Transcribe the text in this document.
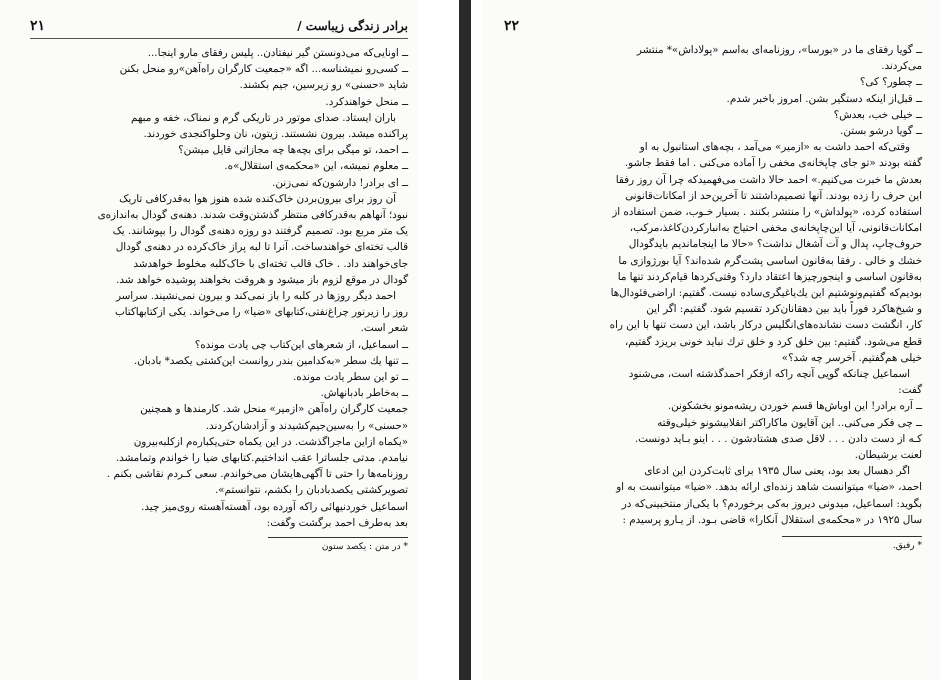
برادر زندگی زیباست /
۲۱

ــ اونایی‌که می‌دونستن گیر نیفتادن.. پلیس رفقای مارو اینجا...

ــ کسی‌رو نمیشناسه... اگه «جمعیت کارگران راه‌آهن»رو منحل بکنن

شاید «حسنی» رو زیرسین، جیم بکشند.

ــ منحل خواهندکرد.

باران ایستاد. صدای موتور در تاریکی گرم و نمناک، خفه و مبهم

پراکنده میشد. بیرون نشستند. زیتون، نان وحلواکنجدی خوردند.

ــ احمد، تو میگی برای بچه‌ها چه مجازاتی قایل میشن؟

ــ معلوم نمیشه، این «محکمه‌ی استقلال»ه.

ــ ای برادر! دارشون‌که نمی‌زنن.

آن روز برای بیرون‌بردن خاک‌کنده شده هنوز هوا به‌قدرکافی تاریک

نبود؛ آنهاهم به‌قدرکافی منتظر گذشتن‌وقت شدند. دهنه‌ی گودال به‌اندازه‌ی

یک متر مربع بود. تصمیم گرفتند دو روزه دهنه‌ی گودال را بپوشانند. یک

قالب تخته‌ای خواهندساخت. آنرا تا لبه پراز خاک‌کرده در دهنه‌ی گودال

جای‌خواهند داد. . خاک قالب تخته‌ای با خاک‌کلبه مخلوط خواهدشد

گودال در موقع لزوم باز میشود و هروقت بخواهند پوشیده خواهد شد.

احمد دیگر روزها در کلبه را باز نمی‌کند و بیرون نمی‌نشیند. سراسر

روز را زیرنور چراغ‌نفتی،کتابهای «ضیا» را می‌خواند. یکی ازکتابهاکتاب

شعر است.

ــ اسماعیل، از شعرهای این‌کتاب چی یادت مونده؟

ــ تنها یك سطر «به‌کدامین بندر روانست این‌کشتی یکصد* بادبان.

ــ تو این سطر یادت مونده.

ــ به‌خاطر بادبانهاش.

جمعیت کارگران راه‌آهن «ازمیر» منحل شد. کارمندها و همچنین

«حسنی» را به‌سین‌جیم‌کشیدند و آزادشان‌کردند.

«یکماه ازاین ماجراگذشت. در این یکماه حتی‌یکباره‌م ازکلبه‌بیرون

نیامدم. مدتی جلساترا عقب انداختیم.کتابهای ضیا را خواندم وتمامشد.

روزنامه‌ها را حتی تا آگهی‌هایشان می‌خواندم. سعی کـردم نقاشی بکنم .

تصویرکشتی یکصدبادبان را بکشم، نتوانستم».

اسماعیل خوردنیهائی راکه آورده بود، آهسته‌آهسته روی‌میز چید.

بعد به‌طرف احمد برگشت وگفت:

* در متن : یکصد ستون
۲۲

ــ گویا رفقای ما در «بورسا»، روزنامه‌ای به‌اسم «پولاداش»* منتشر

می‌کردند.

ــ چطور؟ کی؟

ــ قبل‌از اینکه دستگیر بشن. امروز باخبر شدم.

ــ خیلی خب، بعدش؟

ــ گویا درشو بستن.

وقتی‌که احمد داشت به «ازمیر» می‌آمد ، بچه‌های استانبول به او

گفته بودند «تو جای چاپخانه‌ی مخفی را آماده می‌کنی . اما فقط جاشو.

بعدش ما خبرت می‌کنیم.» احمد حالا داشت می‌فهمیدکه چرا آن روز رفقا

این حرف را زده بودند. آنها تصمیم‌داشتند تا آخرین‌حد از امکانات‌قانونی

استفاده کرده، «پولداش» را منتشر بکنند . بسیار خـوب، ضمن استفاده از

امکانات‌قانونی، آیا این‌چاپخانه‌ی مخفی احتیاج به‌انبارکردن‌کاغذ،مرکب،

حروف‌چاپ، پدال و آت آشغال نداشت؟ «حالا ما اینجاماندیم بایدگودال

خشك و خالی . رفقا به‌قانون اساسی پشت‌گرم شده‌اند؟ آیا بورژوازی ما

به‌قانون اساسی و اینجورچیزها اعتقاد دارد؟ وقتی‌کردها قیام‌کردند تنها ما

بودیم‌که گفتیم‌ونوشتیم این یك‌یاغیگری‌ساده نیست. گفتیم: اراضی‌فئودال‌ها

و شیخ‌هاکرد فوراً باید بین دهقانان‌کرد تقسیم شود. گفتیم: اگر این

کار، انگشت دست نشانده‌های‌انگلیس درکار باشد، این دست تنها با این راه

قطع می‌شود. گفتیم: بین خلق کرد و خلق ترك نباید خونی بریزد گفتیم،

خیلی هم‌گفتیم. آخرسر چه شد؟»

اسماعیل چنانکه گویی آنچه راکه ازفکر احمدگذشته است، می‌شنود

گفت:

ــ آره برادر! این اوباش‌ها قسم خوردن ریشه‌مونو بخشکونن.

ــ چی فکر می‌کنی.. این آقایون ماکاراکتر انقلابیشونو خیلی‌وقته

کـه از دست دادن . . . لاقل صدی هشتادشون . . . اینو بـاید دونست.

لعنت برشیطان.

اگر دهسال بعد بود، یعنی سال ۱۹۳۵ برای ثابت‌کردن این ادعای

احمد، «ضیا» میتوانست شاهد زنده‌ای ارائه بدهد. «ضیا» میتوانست به او

بگوید: اسماعیل، میدونی دیروز به‌کی برخوردم؟ با یکی‌از منتخبینی‌که در

سال ۱۹۲۵ در «محکمه‌ی استقلال آنکارا» قاضی بـود. از یـارو پرسیدم :

* رفیق.
